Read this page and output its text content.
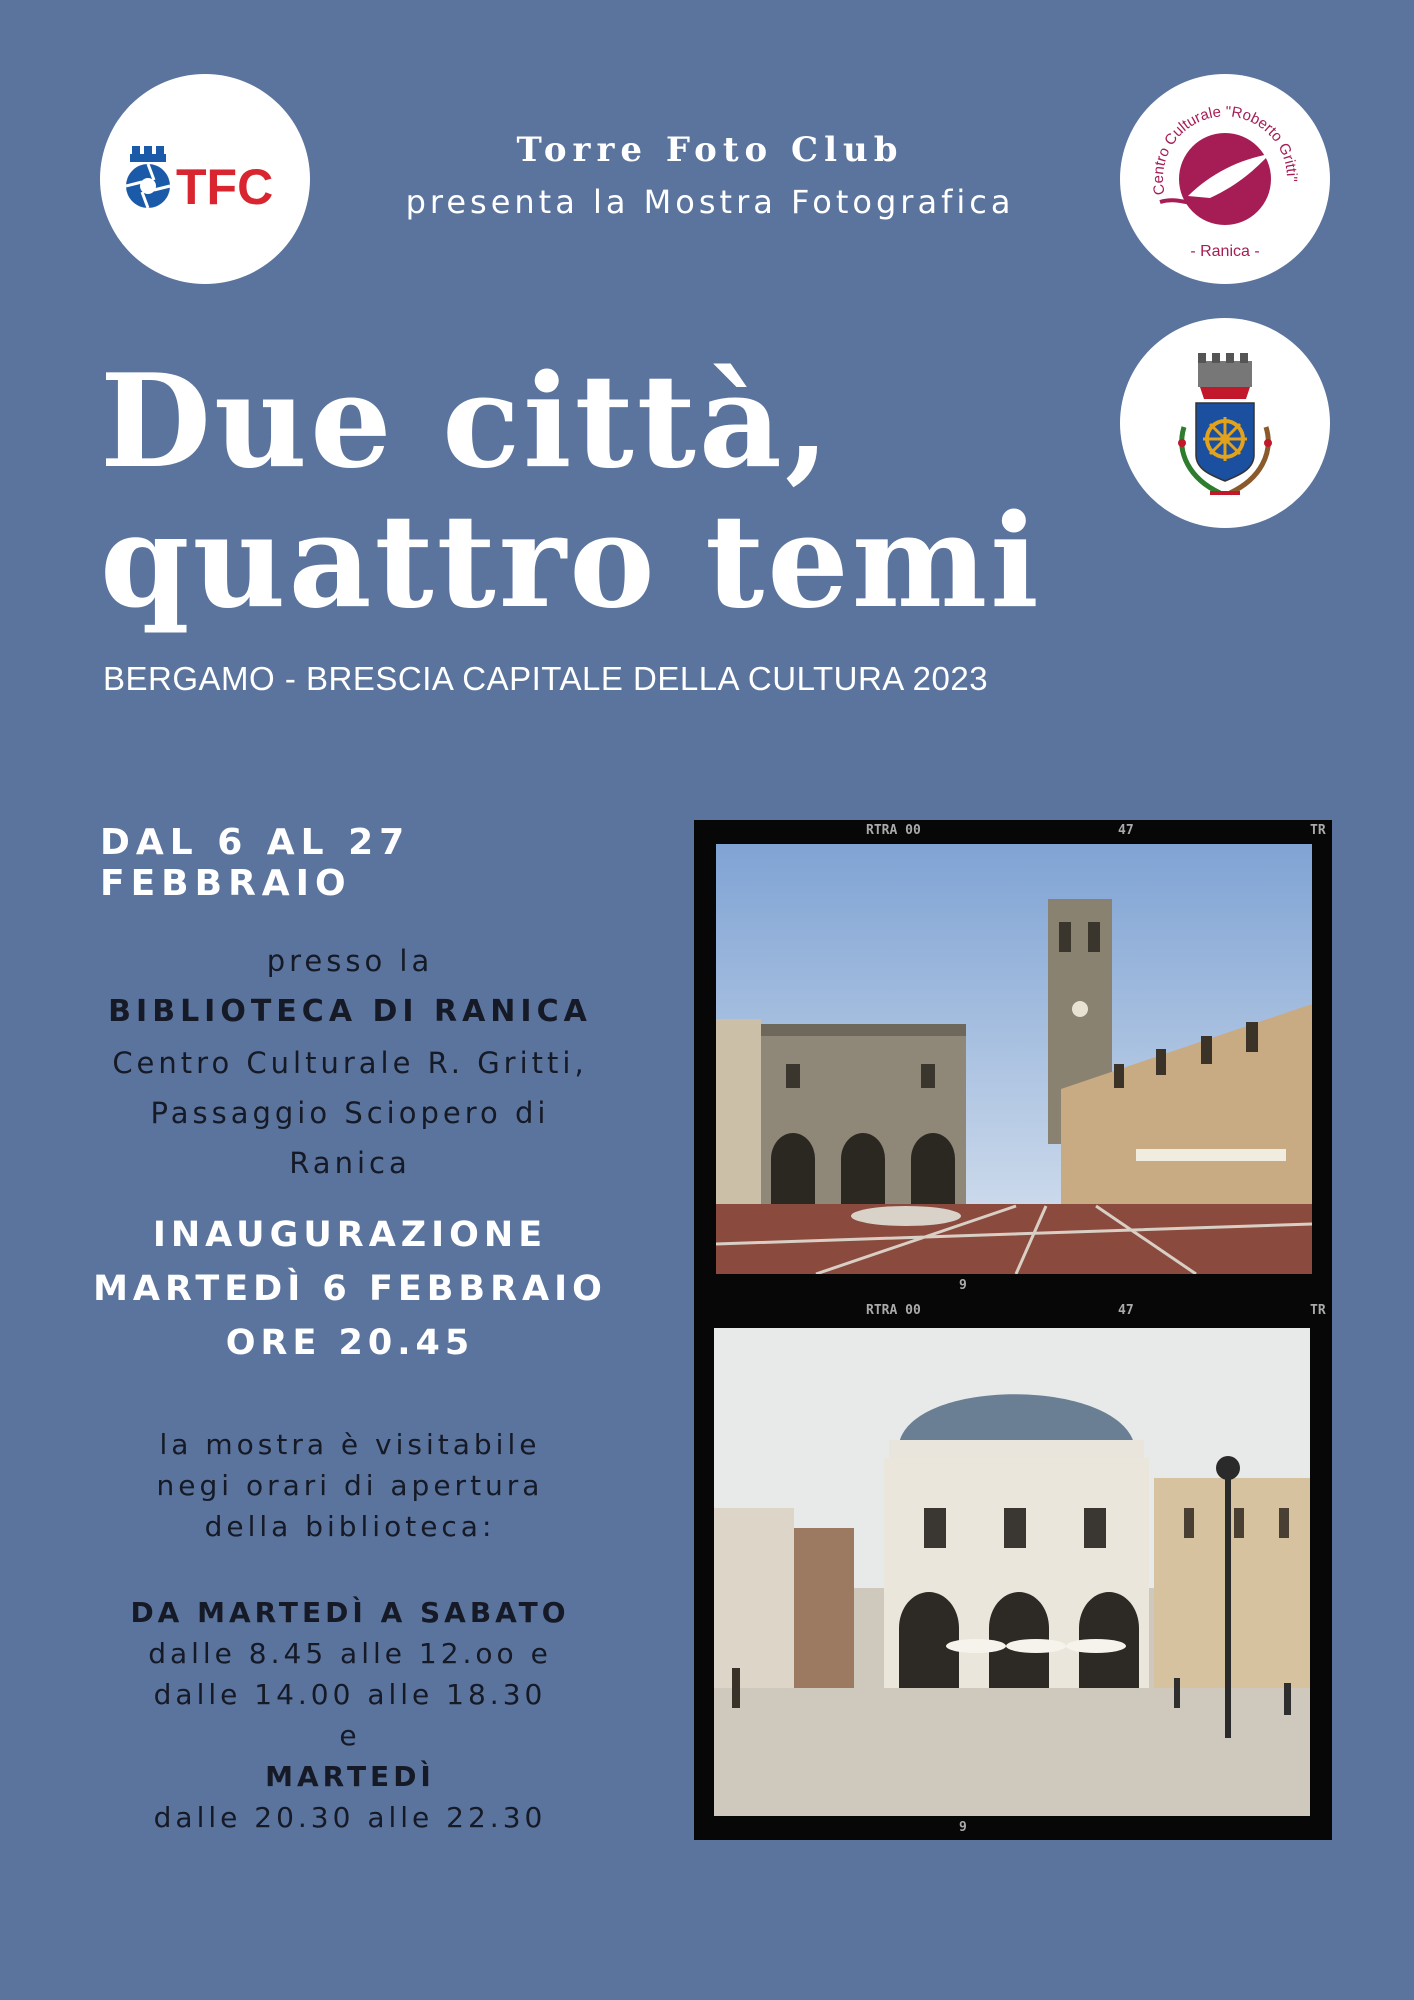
TFC	Centro Culturale "Roberto Gritti"
- Ranica -
Torre Foto Club
presenta la Mostra Fotografica
Due città,
quattro temi
BERGAMO - BRESCIA CAPITALE DELLA CULTURA 2023
DAL 6 AL 27 FEBBRAIO
presso la
BIBLIOTECA DI RANICA
Centro Culturale R. Gritti,
Passaggio Sciopero di Ranica
INAUGURAZIONE
MARTEDÌ 6 FEBBRAIO
ORE 20.45
la mostra è visitabile
negi orari di apertura
della biblioteca:
DA MARTEDÌ A SABATO
dalle 8.45 alle 12.oo e
dalle 14.00 alle 18.30
e
MARTEDÌ
dalle 20.30 alle 22.30
RTRA 00	47	TR
9
RTRA 00	47	TR
9
